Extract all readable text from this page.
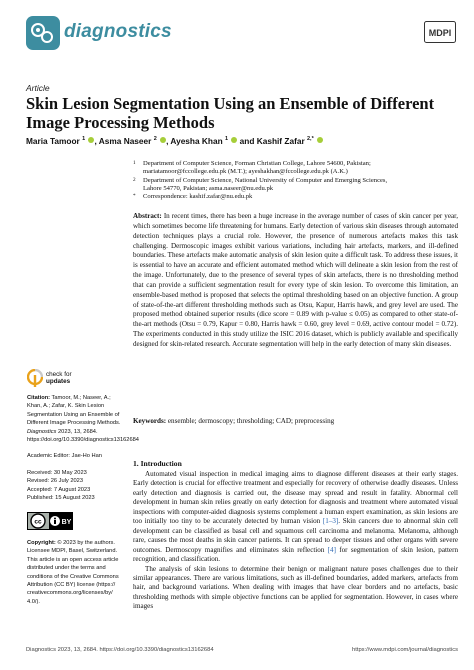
diagnostics	MDPI
Article
Skin Lesion Segmentation Using an Ensemble of Different Image Processing Methods
Maria Tamoor $^1$ , Asma Naseer $^2$ , Ayesha Khan $^1$  and Kashif Zafar $^{2,*}$
1 Department of Computer Science, Forman Christian College, Lahore 54600, Pakistan;
mariatamoor@fccollege.edu.pk (M.T.); ayeshakhan@fccollege.edu.pk (A.K.)
2 Department of Computer Science, National University of Computer and Emerging Sciences,
Lahore 54770, Pakistan; asma.naseer@nu.edu.pk
* Correspondence: kashif.zafar@nu.edu.pk
Abstract: In recent times, there has been a huge increase in the average number of cases of skin cancer per year, which sometimes become life threatening for humans. Early detection of various skin diseases through automated detection techniques plays a crucial role. However, the presence of numerous artefacts makes this task challenging. Dermoscopic images exhibit various variations, including hair artefacts, markers, and ill-defined boundaries. These artefacts make automatic analysis of skin lesion quite a difficult task. To address these issues, it is essential to have an accurate and efficient automated method which will delineate a skin lesion from the rest of the image. Unfortunately, due to the presence of several types of skin artefacts, there is no thresholding method that can provide a sufficient segmentation result for every type of skin lesion. To overcome this limitation, an ensemble-based method is proposed that selects the optimal thresholding based on an objective function. A group of state-of-the-art different thresholding methods such as Otsu, Kapur, Harris hawk, and grey level are used. The proposed method obtained superior results (dice score = 0.89 with p-value ≤ 0.05) as compared to other state-of-the-art methods (Otsu = 0.79, Kapur = 0.80, Harris hawk = 0.60, grey level = 0.69, active contour model = 0.72). The experiments conducted in this study utilize the ISIC 2016 dataset, which is publicly available and specifically designed for skin-related research. Accurate segmentation will help in the early detection of many skin diseases.
Keywords: ensemble; dermoscopy; thresholding; CAD; preprocessing
check for
updates
Citation: Tamoor, M.; Naseer, A.; Khan, A.; Zafar, K. Skin Lesion Segmentation Using an Ensemble of Different Image Processing Methods. Diagnostics 2023, 13, 2684. https://doi.org/10.3390/diagnostics13162684
Academic Editor: Jae-Ho Han
Received: 30 May 2023
Revised: 26 July 2023
Accepted: 7 August 2023
Published: 15 August 2023
cc	BY
Copyright: © 2023 by the authors. Licensee MDPI, Basel, Switzerland. This article is an open access article distributed under the terms and conditions of the Creative Commons Attribution (CC BY) license (https:// creativecommons.org/licenses/by/ 4.0/).
1. Introduction

Automated visual inspection in medical imaging aims to diagnose different diseases at their early stages. Early detection is crucial for effective treatment and especially for recovery of otherwise deadly diseases. Unless early detection and diagnosis is carried out, the disease may spread and result in fatality. Abnormal cell development in human skin relies greatly on early detection for diagnosis and treatment where automated visual inspections with computer-aided diagnosis systems complement a human expert examination, as skin lesions are too initially too tiny to be accurately detected by human vision [1–3]. Skin cancers due to abnormal skin cell development can be classified as basal cell and squamous cell carcinoma and melanoma. Melanoma, although rare, causes the most deaths in skin cancer patients. It can spread to deeper tissues and other organs with severe outcomes. Dermoscopy magnifies and eliminates skin reflection [4] for segmentation of skin lesion, pattern recognition, and classification.

The analysis of skin lesions to determine their benign or malignant nature poses challenges due to their similar appearances. There are various limitations, such as ill-defined boundaries, added markers, artefacts from hair, and background variations. When dealing with images that have clear borders and no artefacts, basic thresholding methods with simple objective functions can be applied for segmentation. However, in cases where images

Diagnostics 2023, 13, 2684. https://doi.org/10.3390/diagnostics13162684	https://www.mdpi.com/journal/diagnostics
